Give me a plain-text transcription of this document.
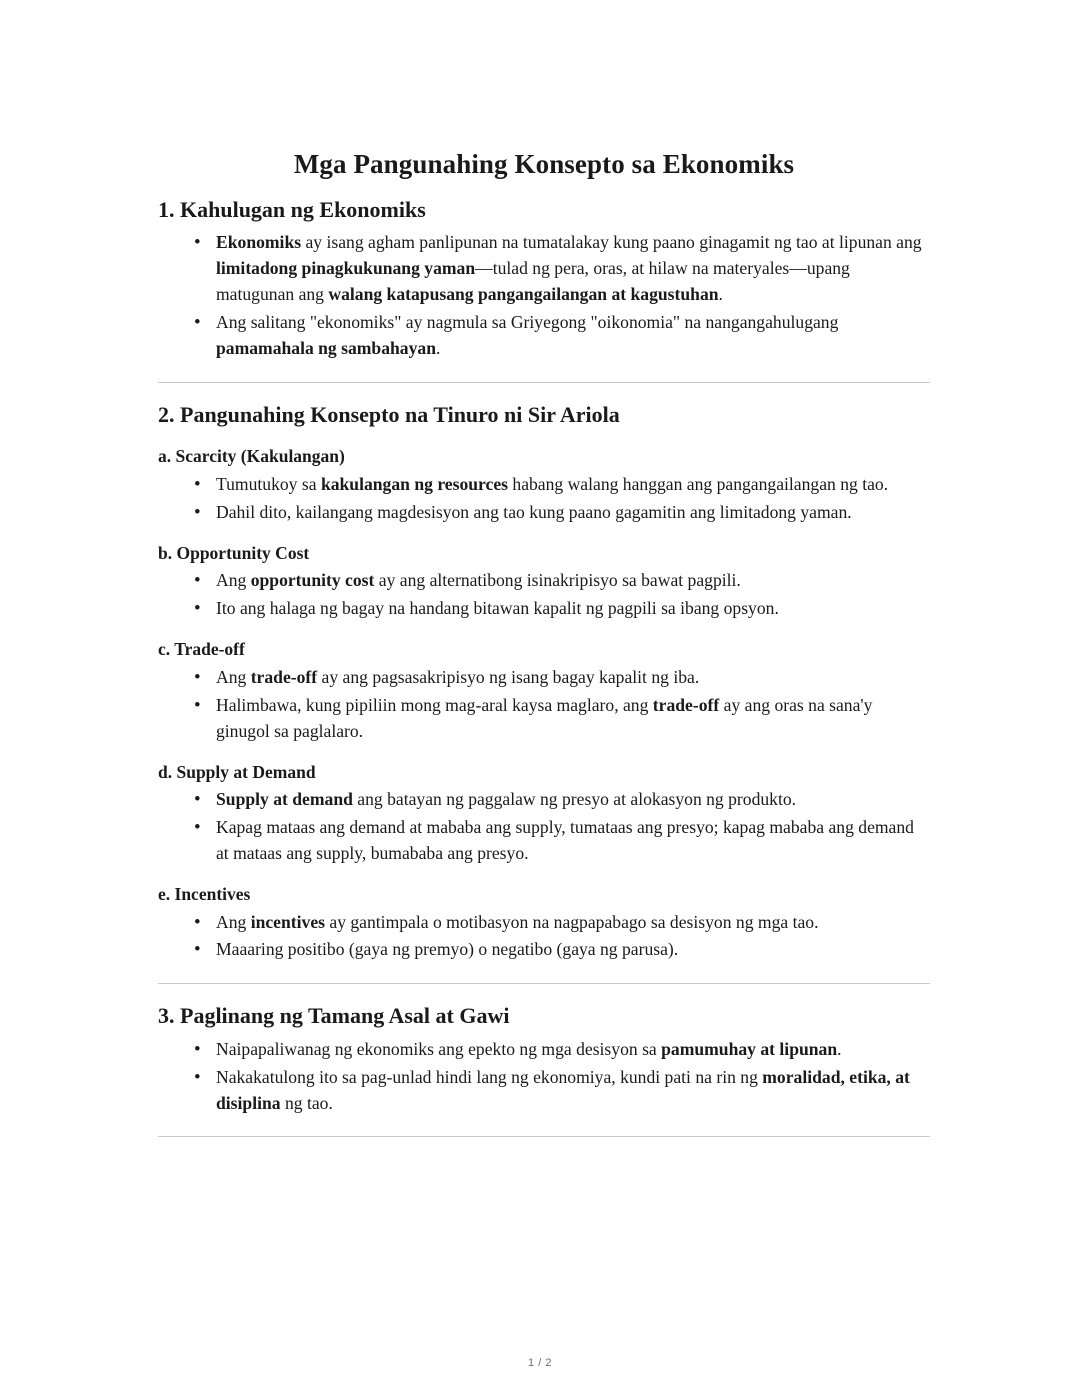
Mga Pangunahing Konsepto sa Ekonomiks
1. Kahulugan ng Ekonomiks
• Ekonomiks ay isang agham panlipunan na tumatalakay kung paano ginagamit ng tao at lipunan ang limitadong pinagkukunang yaman—tulad ng pera, oras, at hilaw na materyales—upang matugunan ang walang katapusang pangangailangan at kagustuhan.
• Ang salitang "ekonomiks" ay nagmula sa Griyegong "oikonomia" na nangangahulugang pamamahala ng sambahayan.
2. Pangunahing Konsepto na Tinuro ni Sir Ariola
a. Scarcity (Kakulangan)
• Tumutukoy sa kakulangan ng resources habang walang hanggan ang pangangailangan ng tao.
• Dahil dito, kailangang magdesisyon ang tao kung paano gagamitin ang limitadong yaman.
b. Opportunity Cost
• Ang opportunity cost ay ang alternatibong isinakripisyo sa bawat pagpili.
• Ito ang halaga ng bagay na handang bitawan kapalit ng pagpili sa ibang opsyon.
c. Trade-off
• Ang trade-off ay ang pagsasakripisyo ng isang bagay kapalit ng iba.
• Halimbawa, kung pipiliin mong mag-aral kaysa maglaro, ang trade-off ay ang oras na sana'y ginugol sa paglalaro.
d. Supply at Demand
• Supply at demand ang batayan ng paggalaw ng presyo at alokasyon ng produkto.
• Kapag mataas ang demand at mababa ang supply, tumataas ang presyo; kapag mababa ang demand at mataas ang supply, bumababa ang presyo.
e. Incentives
• Ang incentives ay gantimpala o motibasyon na nagpapabago sa desisyon ng mga tao.
• Maaaring positibo (gaya ng premyo) o negatibo (gaya ng parusa).
3. Paglinang ng Tamang Asal at Gawi
• Naipapaliwanag ng ekonomiks ang epekto ng mga desisyon sa pamumuhay at lipunan.
• Nakakatulong ito sa pag-unlad hindi lang ng ekonomiya, kundi pati na rin ng moralidad, etika, at disiplina ng tao.
1 / 2
